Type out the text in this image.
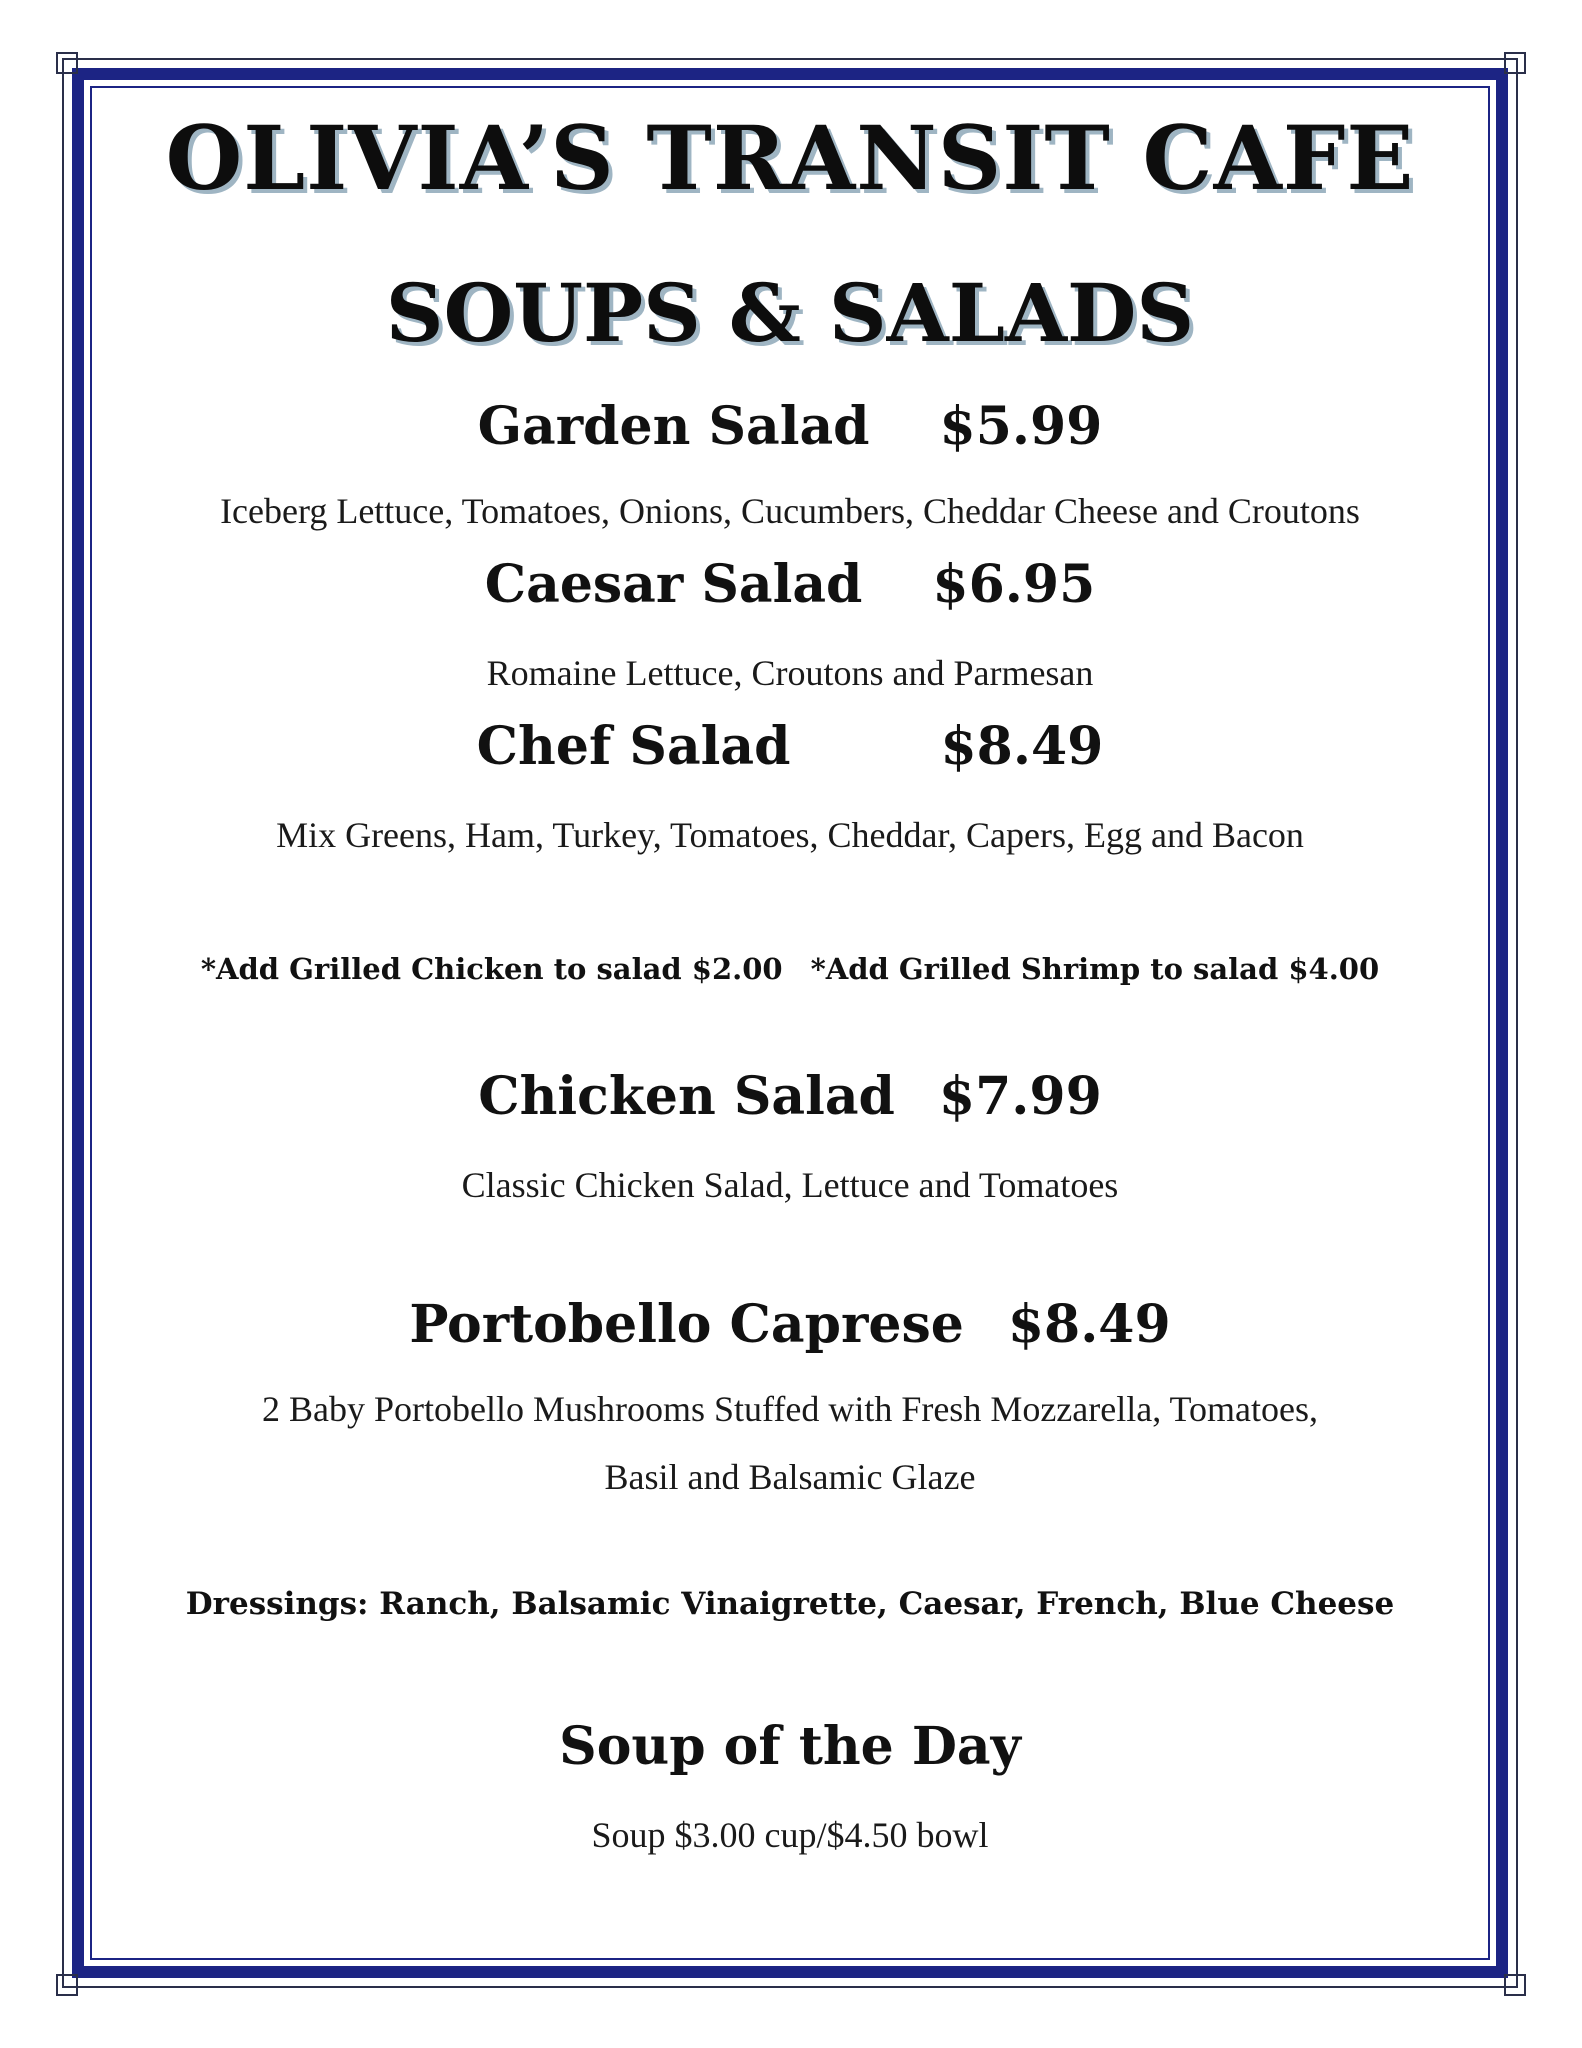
OLIVIA’S TRANSIT CAFE
SOUPS & SALADS
Garden Salad $5.99
Iceberg Lettuce, Tomatoes, Onions, Cucumbers, Cheddar Cheese and Croutons
Caesar Salad $6.95
Romaine Lettuce, Croutons and Parmesan
Chef Salad	$8.49
Mix Greens, Ham, Turkey, Tomatoes, Cheddar, Capers, Egg and Bacon
*Add Grilled Chicken to salad $2.00 *Add Grilled Shrimp to salad $4.00
Chicken Salad $7.99
Classic Chicken Salad, Lettuce and Tomatoes
Portobello Caprese $8.49
2 Baby Portobello Mushrooms Stuffed with Fresh Mozzarella, Tomatoes,
Basil and Balsamic Glaze
Dressings: Ranch, Balsamic Vinaigrette, Caesar, French, Blue Cheese
Soup of the Day
Soup $3.00 cup/$4.50 bowl
